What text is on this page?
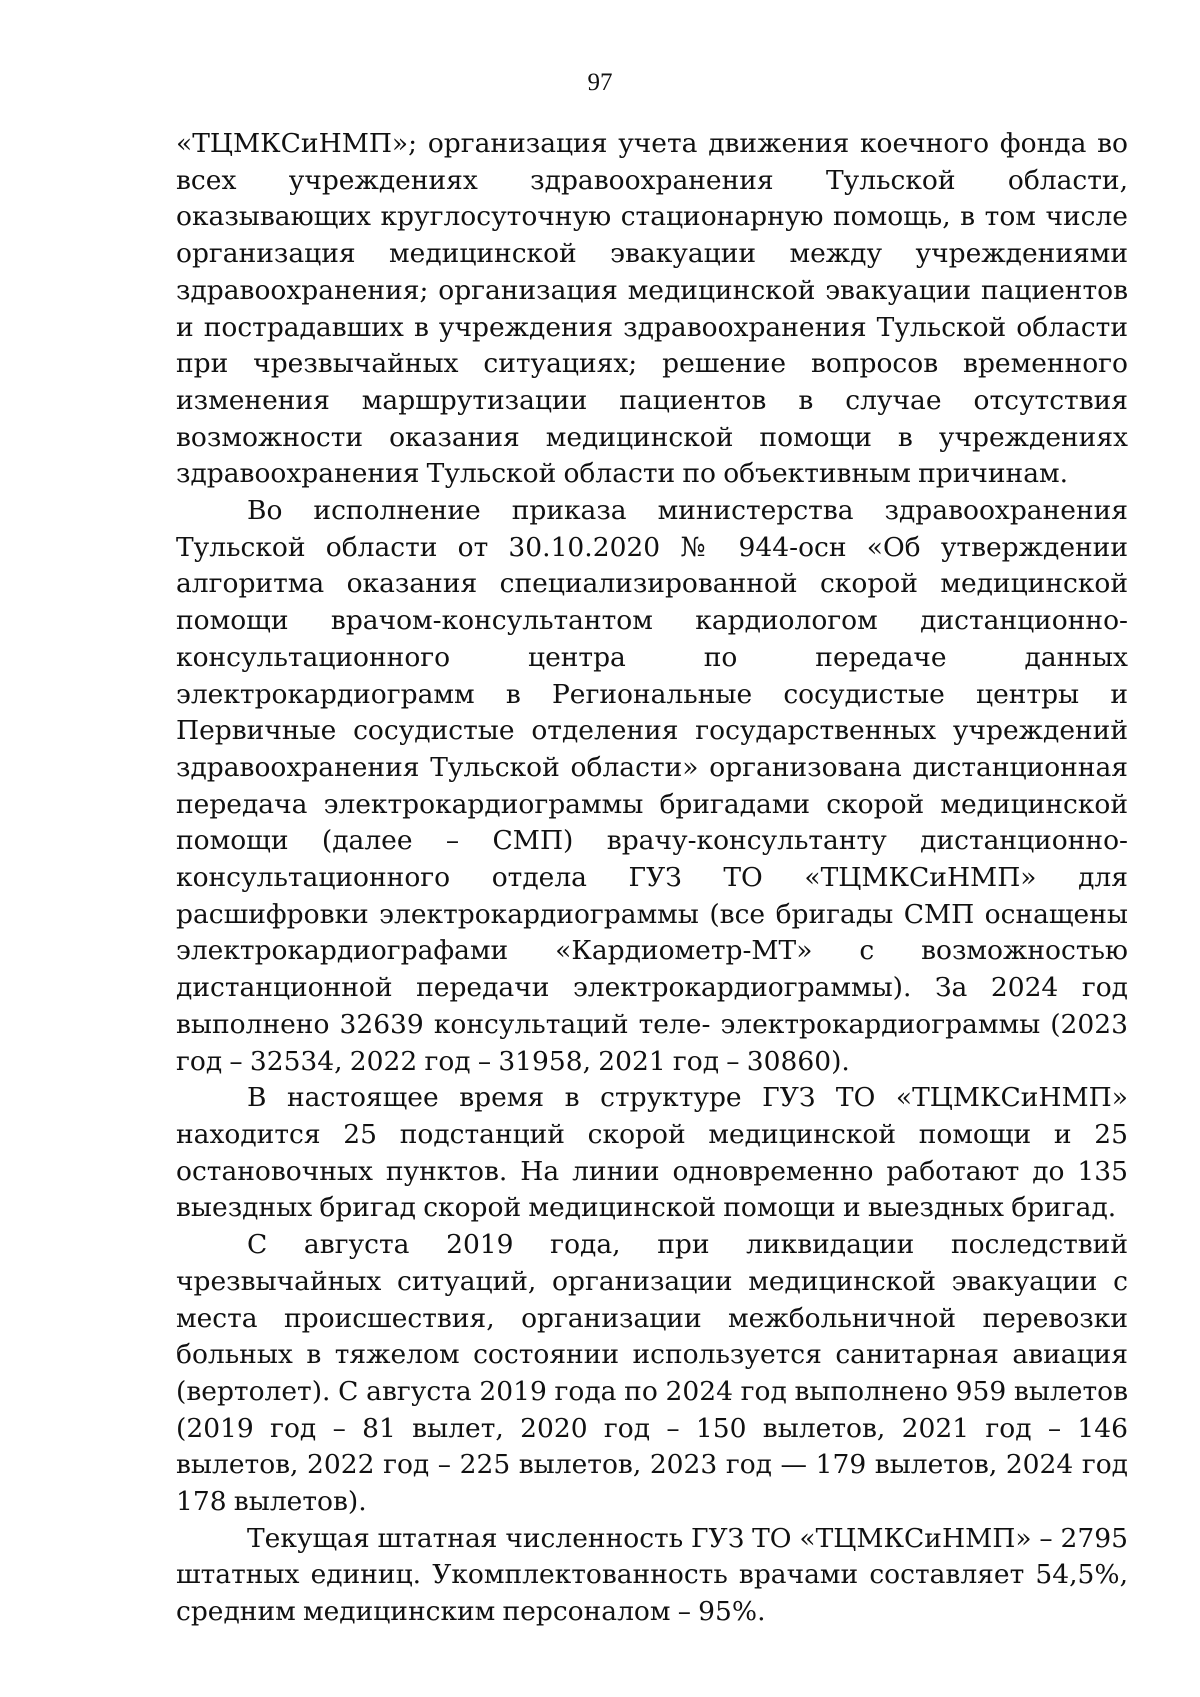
97

«ТЦМКСиНМП»; организация учета движения коечного фонда во всех учреждениях здравоохранения Тульской области, оказывающих круглосуточную стационарную помощь, в том числе организация медицинской эвакуации между учреждениями здравоохранения; организация медицинской эвакуации пациентов и пострадавших в учреждения здравоохранения Тульской области при чрезвычайных ситуациях; решение вопросов временного изменения маршрутизации пациентов в случае отсутствия возможности оказания медицинской помощи в учреждениях здравоохранения Тульской области по объективным причинам.

Во исполнение приказа министерства здравоохранения Тульской области от 30.10.2020 № 944-осн «Об утверждении алгоритма оказания специализированной скорой медицинской помощи врачом-консультантом кардиологом дистанционно-консультационного центра по передаче данных электрокардиограмм в Региональные сосудистые центры и Первичные сосудистые отделения государственных учреждений здравоохранения Тульской области» организована дистанционная передача электрокардиограммы бригадами скорой медицинской помощи (далее – СМП) врачу-консультанту дистанционно-консультационного отдела ГУЗ ТО «ТЦМКСиНМП» для расшифровки электрокардиограммы (все бригады СМП оснащены электрокардиографами «Кардиометр-МТ» с возможностью дистанционной передачи электрокардиограммы). За 2024 год выполнено 32639 консультаций теле- электрокардиограммы (2023 год – 32534, 2022 год – 31958, 2021 год – 30860).

В настоящее время в структуре ГУЗ ТО «ТЦМКСиНМП» находится 25 подстанций скорой медицинской помощи и 25 остановочных пунктов. На линии одновременно работают до 135 выездных бригад скорой медицинской помощи и выездных бригад.

С августа 2019 года, при ликвидации последствий чрезвычайных ситуаций, организации медицинской эвакуации с места происшествия, организации межбольничной перевозки больных в тяжелом состоянии используется санитарная авиация (вертолет). С августа 2019 года по 2024 год выполнено 959 вылетов (2019 год – 81 вылет, 2020 год – 150 вылетов, 2021 год – 146 вылетов, 2022 год – 225 вылетов, 2023 год — 179 вылетов, 2024 год 178 вылетов).

Текущая штатная численность ГУЗ ТО «ТЦМКСиНМП» – 2795 штатных единиц. Укомплектованность врачами составляет 54,5%, средним медицинским персоналом – 95%.
